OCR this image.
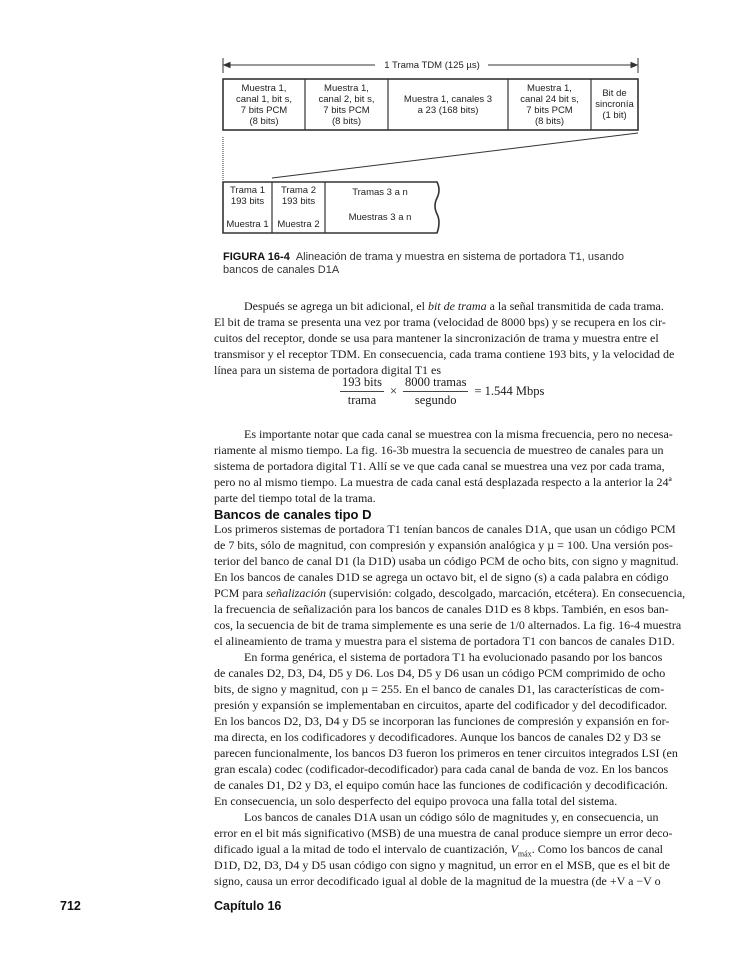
1 Trama TDM (125 µs)
Muestra 1,
canal 1, bit s,
7 bits PCM
(8 bits)
Muestra 1,
canal 2, bit s,
7 bits PCM
(8 bits)
Muestra 1, canales 3
a 23 (168 bits)
Muestra 1,
canal 24 bit s,
7 bits PCM
(8 bits)
Bit de
sincronía
(1 bit)
Trama 1
193 bits
Muestra 1
Trama 2
193 bits
Muestra 2
Tramas 3 a n
Muestras 3 a n
FIGURA 16-4 Alineación de trama y muestra en sistema de portadora T1, usando
bancos de canales D1A
Después se agrega un bit adicional, el bit de trama a la señal transmitida de cada trama.
El bit de trama se presenta una vez por trama (velocidad de 8000 bps) y se recupera en los cir-
cuitos del receptor, donde se usa para mantener la sincronización de trama y muestra entre el
transmisor y el receptor TDM. En consecuencia, cada trama contiene 193 bits, y la velocidad de
línea para un sistema de portadora digital T1 es
$\frac{\text{193 bits}}{\text{trama}} \times \frac{\text{8000 tramas}}{\text{segundo}} = 1.544$ Mbps
Es importante notar que cada canal se muestrea con la misma frecuencia, pero no necesa-
riamente al mismo tiempo. La fig. 16-3b muestra la secuencia de muestreo de canales para un
sistema de portadora digital T1. Allí se ve que cada canal se muestrea una vez por cada trama,
pero no al mismo tiempo. La muestra de cada canal está desplazada respecto a la anterior la 24ª
parte del tiempo total de la trama.
Bancos de canales tipo D
Los primeros sistemas de portadora T1 tenían bancos de canales D1A, que usan un código PCM
de 7 bits, sólo de magnitud, con compresión y expansión analógica y µ = 100. Una versión pos-
terior del banco de canal D1 (la D1D) usaba un código PCM de ocho bits, con signo y magnitud.
En los bancos de canales D1D se agrega un octavo bit, el de signo (s) a cada palabra en código
PCM para señalización (supervisión: colgado, descolgado, marcación, etcétera). En consecuencia,
la frecuencia de señalización para los bancos de canales D1D es 8 kbps. También, en esos ban-
cos, la secuencia de bit de trama simplemente es una serie de 1/0 alternados. La fig. 16-4 muestra
el alineamiento de trama y muestra para el sistema de portadora T1 con bancos de canales D1D.
En forma genérica, el sistema de portadora T1 ha evolucionado pasando por los bancos
de canales D2, D3, D4, D5 y D6. Los D4, D5 y D6 usan un código PCM comprimido de ocho
bits, de signo y magnitud, con µ = 255. En el banco de canales D1, las características de com-
presión y expansión se implementaban en circuitos, aparte del codificador y del decodificador.
En los bancos D2, D3, D4 y D5 se incorporan las funciones de compresión y expansión en for-
ma directa, en los codificadores y decodificadores. Aunque los bancos de canales D2 y D3 se
parecen funcionalmente, los bancos D3 fueron los primeros en tener circuitos integrados LSI (en
gran escala) codec (codificador-decodificador) para cada canal de banda de voz. En los bancos
de canales D1, D2 y D3, el equipo común hace las funciones de codificación y decodificación.
En consecuencia, un solo desperfecto del equipo provoca una falla total del sistema.
Los bancos de canales D1A usan un código sólo de magnitudes y, en consecuencia, un
error en el bit más significativo (MSB) de una muestra de canal produce siempre un error deco-
dificado igual a la mitad de todo el intervalo de cuantización, $V_{máx}$. Como los bancos de canal
D1D, D2, D3, D4 y D5 usan código con signo y magnitud, un error en el MSB, que es el bit de
signo, causa un error decodificado igual al doble de la magnitud de la muestra (de +V a −V o
712	Capítulo 16
